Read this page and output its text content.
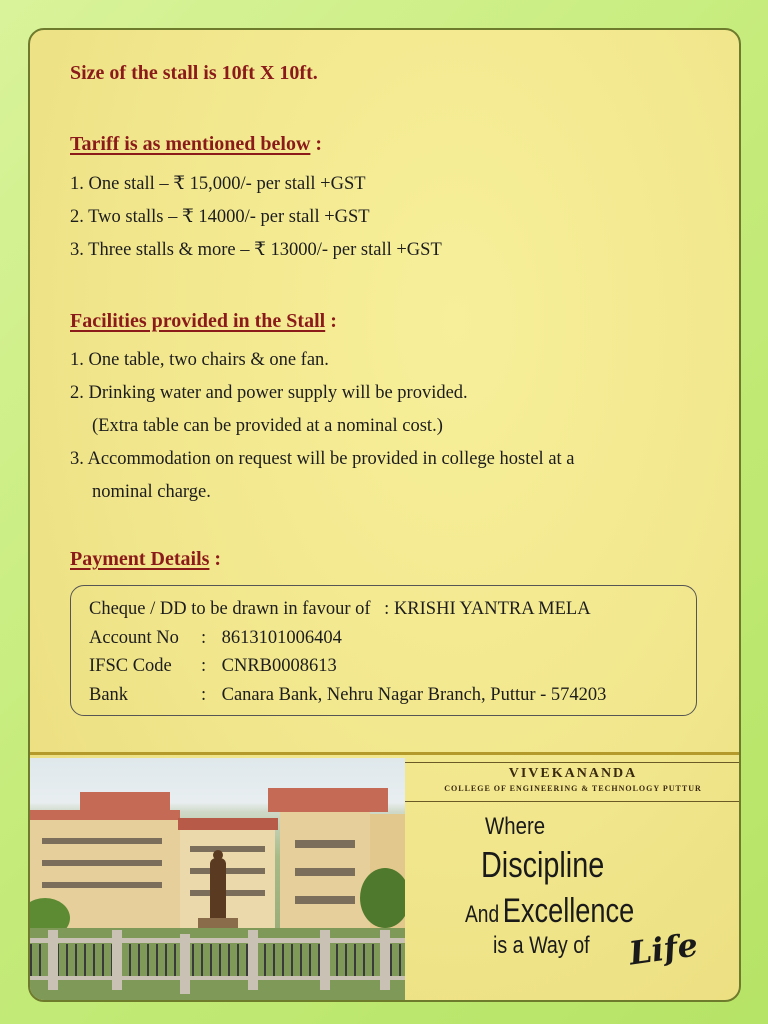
Size of the stall is 10ft X 10ft.

Tariff is as mentioned below :

1. One stall – ₹ 15,000/- per stall +GST
2. Two stalls – ₹ 14000/- per stall +GST
3. Three stalls & more – ₹ 13000/- per stall +GST

Facilities provided in the Stall :

1. One table, two chairs & one fan.
2. Drinking water and power supply will be provided.
(Extra table can be provided at a nominal cost.)
3. Accommodation on request will be provided in college hostel at a
nominal charge.

Payment Details :

Cheque / DD to be drawn in favour of : KRISHI YANTRA MELA
Account No : 8613101006404
IFSC Code : CNRB0008613
Bank	: Canara Bank, Nehru Nagar Branch, Puttur - 574203
VIVEKANANDA
COLLEGE OF ENGINEERING & TECHNOLOGY PUTTUR
Where
Discipline
And Excellence
is a Way of Life
